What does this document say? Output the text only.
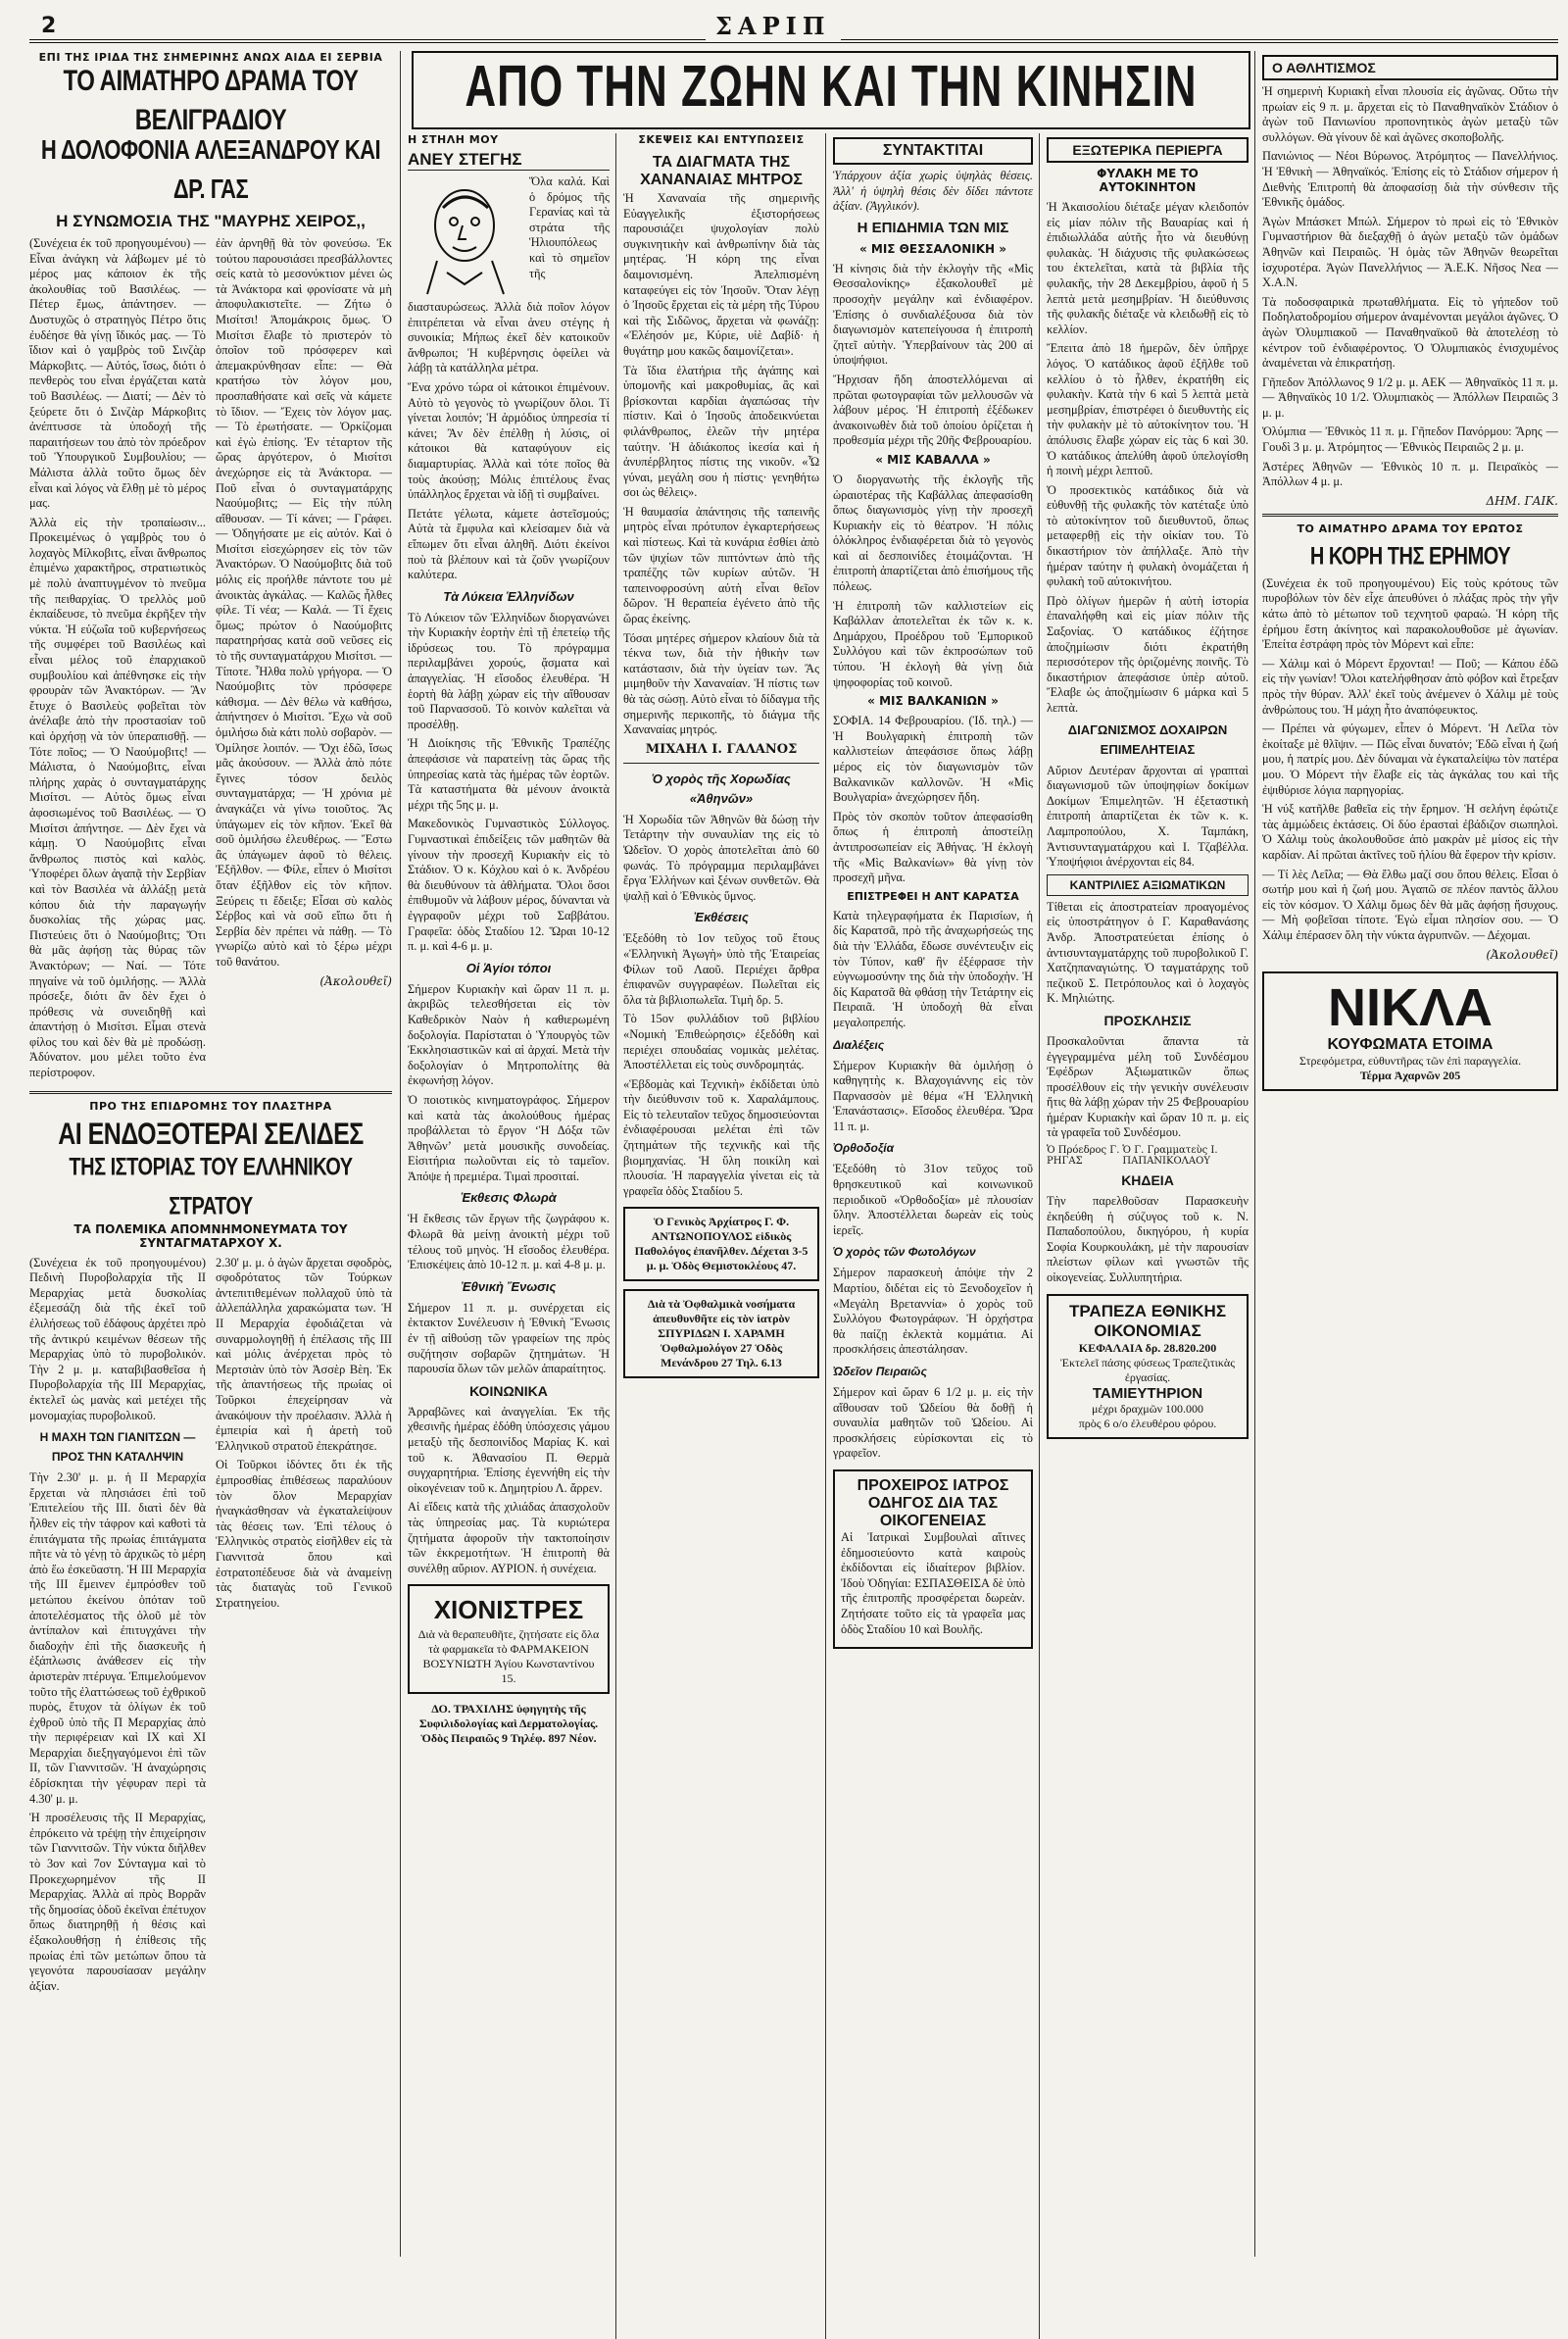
2	ΣΑΡΙΠ
ΑΠΟ ΤΗΝ ΖΩΗΝ ΚΑΙ ΤΗΝ ΚΙΝΗΣΙΝ
ΕΠΙ ΤΗΣ ΙΡΙΔΑ ΤΗΣ ΣΗΜΕΡΙΝΗΣ ΑΝΩΧ ΑΙΔΑ ΕΙ ΣΕΡΒΙΑ
ΤΟ ΑΙΜΑΤΗΡΟ ΔΡΑΜΑ ΤΟΥ ΒΕΛΙΓΡΑΔΙΟΥ
Η ΔΟΛΟΦΟΝΙΑ ΑΛΕΞΑΝΔΡΟΥ ΚΑΙ ΔΡ. ΓΑΣ
Η ΣΥΝΩΜΟΣΙΑ ΤΗΣ "ΜΑΥΡΗΣ ΧΕΙΡΟΣ,,
(Συνέχεια έκ τοῦ προηγουμένου) — Εἶναι ἀνάγκη νὰ λάβωμεν μέ τὸ μέρος μας κάποιον ἐκ τῆς ἀκολουθίας τοῦ Βασιλέως. — Πέτερ ἔμως, ἀπάντησεν. — Δυστυχῶς ὁ στρατηγὸς Πέτρο ὅτις ἐυδέησε θὰ γίνῃ ἴδικός μας. — Τὸ ἴδιον καὶ ὁ γαμβρὸς τοῦ Σινζὰρ Μάρκοβιτς. — Αὐτός, ἴσως, διότι ὁ πενθερὸς του εἶναι ἐργάζεται κατὰ τοῦ Βασιλέως. — Διατί; — Δὲν τὸ ξεύρετε ὅτι ὁ Σινζὰρ Μάρκοβιτς ἀνέπτυσσε τὰ ὑποδοχή τῆς παραιτήσεων του ἀπὸ τὸν πρόεδρον τοῦ Ὑπουργικοῦ Συμβουλίου; — Μάλιστα ἀλλὰ τοῦτο ὅμως δὲν εἶναι καὶ λόγος νὰ ἔλθῃ μὲ τὸ μέρος μας.
Ἀλλὰ εἰς τὴν τροπαίωσιν... Προκειμένως ὁ γαμβρὸς του ὁ λοχαγὸς Μίλκοβιτς, εἶναι ἄνθρωπος ἐπιμένω χαρακτῆρος, στρατιωτικὸς μὲ πολὺ ἀναπτυγμένον τὸ πνεῦμα τῆς πειθαρχίας. Ὁ τρελλὸς μοῦ ἐκπαίδευσε, τὸ πνεῦμα ἐκρῆξεν τὴν νύκτα. Ἡ εὐζωΐα τοῦ κυβερνήσεως τῆς συμφέρει τοῦ Βασιλέως καὶ εἶναι μέλος τοῦ ἐπαρχιακοῦ συμβουλίου καὶ ἀπέθνησκε εἰς τὴν φρουρὰν τῶν Ἀνακτόρων. — Ἂν ἔτυχε ὁ Βασιλεὺς φοβεῖται τὸν ἀνέλαβε ἀπὸ τὴν προστασίαν τοῦ καὶ ὀρχήσῃ νὰ τὸν ὑπεραπισθῇ. — Τότε ποῖος; — Ὁ Ναούμοβιτς! — Μάλιστα, ὁ Ναούμοβιτς, εἶναι πλήρης χαρὰς ὁ συνταγματάρχης Μισίτσι. — Αὐτὸς ὅμως εἶναι ἀφοσιωμένος τοῦ Βασιλέως. — Ὁ Μισίτσι ἀπήντησε. — Δὲν ἔχει νὰ κάμῃ. Ὁ Ναούμοβιτς εἶναι ἄνθρωπος πιστὸς καὶ καλὸς. Ὑποφέρει ὅλων ἀγαπᾷ τὴν Σερβίαν καὶ τὸν Βασιλέα νὰ ἀλλάξῃ μετὰ κόπου διὰ τὴν παραγωγήν δυσκολίας τῆς χώρας μας. Πιστεύεις ὅτι ὁ Ναούμοβιτς; Ὅτι θὰ μᾶς ἀφήσῃ τὰς θύρας τῶν Ἀνακτόρων; — Ναί. — Τότε πηγαίνε νὰ τοῦ ὁμιλήσῃς. — Ἀλλὰ πρόσεξε, διότι ἂν δὲν ἔχει ὁ πρόθεσις νὰ συνειδηθῇ καὶ ἀπαντήσῃ ὁ Μισίτσι. Εἶμαι στενὰ φίλος του καὶ δὲν θὰ μὲ προδώσῃ. Ἀδύνατον. μου μέλει τοῦτο ἐνα περίστροφον.
ἐὰν ἀρνηθῇ θὰ τὸν φονεύσω. Ἐκ τούτου παρουσιάσει πρεσβάλλοντες σείς κατὰ τὸ μεσονύκτιον μένει ὡς τὰ Ἀνάκτορα καὶ φρονίσατε νὰ μὴ ἀποφυλακιστεῖτε. — Ζήτω ὁ Μισίτσι! Ἀπομάκροις ὅμως. Ὁ Μισίτσι ἔλαβε τὸ πριστερόν τὸ ὁποῖον τοῦ πρόσφερεν καὶ ἀπεμακρύνθησαν εἶπε: — Θὰ κρατήσω τὸν λόγον μου, προσπαθήσατε καὶ σεῖς νὰ κάμετε τὸ ἴδιον. — Ἔχεις τὸν λόγον μας. — Τὸ ἐρωτήσατε. — Ὁρκίζομαι καὶ ἐγὼ ἐπίσης. Ἐν τέταρτον τῆς ὥρας ἀργότερον, ὁ Μισίτσι ἀνεχώρησε εἰς τὰ Ἀνάκτορα. — Ποῦ εἶναι ὁ συνταγματάρχης Ναούμοβιτς; — Εἰς τὴν πύλη αἴθουσαν. — Τί κάνει; — Γράφει. — Ὁδηγήσατε με εἰς αὐτόν. Καὶ ὁ Μισίτσι εἰσεχώρησεν εἰς τὸν τῶν Ἀνακτόρων. Ὁ Ναούμοβιτς διὰ τοῦ μόλις εἰς προήλθε πάντοτε του μὲ ἀνοικτὰς ἀγκάλας. — Καλῶς ἦλθες φίλε. Τί νέα; — Καλά. — Τί ἔχεις ὅμως; πρώτον ὁ Ναούμοβιτς παρατηρήσας κατὰ σοῦ νεῦσες εἰς τὸ τῆς συνταγματάρχου Μισίτσι. — Τίποτε. Ἦλθα πολὺ γρήγορα. — Ὁ Ναούμοβιτς τὸν πρόσφερε κάθισμα. — Δὲν θέλω νὰ καθήσω, ἀπήντησεν ὁ Μισίτσι. Ἔχω νὰ σοῦ ὁμιλήσω διὰ κάτι πολὺ σοβαρὸν. — Ὁμίλησε λοιπόν. — Ὄχι ἐδῶ, ἴσως μᾶς ἀκούσουν. — Ἀλλὰ ἀπὸ πότε ἔγινες τόσον δειλὸς συνταγματάρχα; — Ἡ χρόνια μὲ ἀναγκάζει νὰ γίνω τοιοῦτος. Ἄς ὑπάγωμεν εἰς τὸν κῆπον. Ἐκεῖ θὰ σοῦ ὁμιλήσω ἐλευθέρως. — Ἔστω ἂς ὑπάγωμεν ἀφοῦ τὸ θέλεις. Ἐξῆλθον. — Φίλε, εἶπεν ὁ Μισίτσι ὅταν ἐξῆλθον εἰς τὸν κῆπον. Ξεύρεις τι ἔδειξε; Εἶσαι σὺ καλὸς Σέρβος καὶ νὰ σοῦ εἴπω ὅτι ἡ Σερβία δὲν πρέπει νὰ πάθῃ. — Τὸ γνωρίζω αὐτὸ καὶ τὸ ξέρω μέχρι τοῦ θανάτου.
(Ἀκολουθεῖ)
ΠΡΟ ΤΗΣ ΕΠΙΔΡΟΜΗΣ ΤΟΥ ΠΛΑΣΤΗΡΑ
ΑΙ ΕΝΔΟΞΟΤΕΡΑΙ ΣΕΛΙΔΕΣ
ΤΗΣ ΙΣΤΟΡΙΑΣ ΤΟΥ ΕΛΛΗΝΙΚΟΥ ΣΤΡΑΤΟΥ
ΤΑ ΠΟΛΕΜΙΚΑ ΑΠΟΜΝΗΜΟΝΕΥΜΑΤΑ ΤΟΥ ΣΥΝΤΑΓΜΑΤΑΡΧΟΥ Χ.
(Συνέχεια ἐκ τοῦ προηγουμένου) Πεδινὴ Πυροβολαρχία τῆς ΙΙ Μεραρχίας μετὰ δυσκολίας ἐξεμεσάζη διὰ τῆς ἐκεῖ τοῦ ἐλιλήσεως τοῦ ἐδάφους ἀρχέτει πρὸ τῆς ἀντικρύ κειμένων θέσεων τῆς Μεραρχίας ὑπὸ τὸ πυροβολικόν. Τὴν 2 μ. μ. καταβιβασθεῖσα ἡ Πυροβολαρχία τῆς ΙΙΙ Μεραρχίας, ἐκτελεῖ ὡς μανὰς καὶ μετέχει τῆς μονομαχίας πυροβολικοῦ.
Η ΜΑΧΗ ΤΩΝ ΓΙΑΝΙΤΣΩΝ — ΠΡΟΣ ΤΗΝ ΚΑΤΑΛΗΨΙΝ
Τὴν 2.30' μ. μ. ἡ ΙΙ Μεραρχία ἔρχεται νὰ πλησιάσει ἐπὶ τοῦ Ἐπιτελείου τῆς ΙΙΙ. διατὶ δὲν θὰ ἦλθεν εἰς τὴν τάφρον καὶ καθοτὶ τὰ ἐπιτάγματα τῆς πρωίας ἐπιτάγματα πῆτε νὰ τὸ γένῃ τὸ ἀρχικῶς τὸ μέρη ἀπὸ ἕω ἐσκεῦαστη. Ἡ ΙΙΙ Μεραρχία τῆς ΙΙΙ ἔμεινεν ἐμπρόσθεν τοῦ μετώπου ἐκείνου ὁπόταν τοῦ ἀποτελέσματος τῆς ὁλοῦ μὲ τὸν ἀντίπαλον καὶ ἐπιτυγχάνει τὴν διαδοχὴν ἐπὶ τῆς διασκευῆς ἡ ἐξάπλωσις ἀνάθεσεν εἰς τὴν ἀριστερὰν πτέρυγα. Ἐπιμελούμενον τοῦτο τῆς ἐλαττώσεως τοῦ ἐχθρικοῦ πυρὸς, ἔτυχον τὰ ὀλίγων ἐκ τοῦ ἐχθροῦ ὑπὸ τῆς Π Μεραρχίας ἀπὸ τὴν περιφέρειαν καὶ ΙΧ καὶ ΧΙ Μεραρχίαι διεξηγαγόμενοι ἐπὶ τῶν ΙΙ, τῶν Γιαννιτσῶν. Ἡ ἀναχώρησις ἐδρίσκηται τὴν γέφυραν περὶ τὰ 4.30' μ. μ.
Ἡ προσέλευσις τῆς ΙΙ Μεραρχίας, ἐπρόκειτο νὰ τρέψῃ τὴν ἐπιχείρησιν τῶν Γιαννιτσῶν. Τὴν νύκτα διῆλθεν τὸ 3ον καὶ 7ον Σύνταγμα καὶ τὸ Προκεχωρημένον τῆς ΙΙ Μεραρχίας. Ἀλλὰ αἱ πρὸς Βορρᾶν τῆς δημοσίας ὁδοῦ ἐκεῖναι ἐπέτυχον ὅπως διατηρηθῇ ἡ θέσις καὶ ἐξακολουθήσῃ ἡ ἐπίθεσις τῆς πρωίας ἐπὶ τῶν μετώπων ὅπου τὰ γεγονότα παρουσίασαν μεγάλην ἀξίαν.
2.30' μ. μ. ὁ ἀγὼν ἄρχεται σφοδρὸς, σφοδρότατος τῶν Τούρκων ἀντεπιτιθεμένων πολλαχοῦ ὑπὸ τὰ ἀλλεπάλληλα χαρακώματα των. Ἡ ΙΙ Μεραρχία ἐφοδιάζεται νὰ συναρμολογηθῇ ἡ ἐπέλασις τῆς ΙΙΙ καὶ μόλις ἀνέρχεται πρὸς τὸ Μερτσιὰν ὑπὸ τὸν Ἀσσὲρ Βὲη. Ἐκ τῆς ἀπαντήσεως τῆς πρωίας οἱ Τοῦρκοι ἐπεχείρησαν νὰ ἀνακόψουν τὴν προέλασιν. Ἀλλὰ ἡ ἐμπειρία καὶ ἡ ἀρετὴ τοῦ Ἑλληνικοῦ στρατοῦ ἐπεκράτησε.
Οἱ Τοῦρκοι ἰδόντες ὅτι ἐκ τῆς ἐμπροσθίας ἐπιθέσεως παραλύουν τὸν ὅλον Μεραρχίαν ἠναγκάσθησαν νὰ ἐγκαταλείψουν τὰς θέσεις των. Ἐπὶ τέλους ὁ Ἑλληνικὸς στρατὸς εἰσῆλθεν εἰς τὰ Γιαννιτσὰ ὅπου καὶ ἐστρατοπέδευσε διὰ νὰ ἀναμείνῃ τὰς διαταγὰς τοῦ Γενικοῦ Στρατηγείου.
Η ΣΤΗΛΗ ΜΟΥ
ΑΝΕΥ ΣΤΕΓΗΣ
Ὅλα καλά. Καὶ ὁ δρόμος τῆς Γερανίας καὶ τὰ στράτα τῆς Ἡλιουπόλεως καὶ τὸ σημεῖον τῆς διασταυρώσεως. Ἀλλὰ διὰ ποῖον λόγον ἐπιτρέπεται νὰ εἶναι ἀνευ στέγης ἡ συνοικία; Μήπως ἐκεῖ δὲν κατοικοῦν ἄνθρωποι; Ἡ κυβέρνησις ὀφείλει νὰ λάβῃ τὰ κατάλληλα μέτρα.
Ἕνα χρόνο τώρα οἱ κάτοικοι ἐπιμένουν. Αὐτὸ τὸ γεγονὸς τὸ γνωρίζουν ὅλοι. Τί γίνεται λοιπόν; Ἡ ἀρμόδιος ὑπηρεσία τί κάνει; Ἂν δὲν ἐπέλθῃ ἡ λύσις, οἱ κάτοικοι θὰ καταφύγουν εἰς διαμαρτυρίας. Ἀλλὰ καὶ τότε ποῖος θὰ τοὺς ἀκούσῃ; Μόλις ἐπιτέλους ἕνας ὑπάλληλος ἔρχεται νὰ ἰδῇ τὶ συμβαίνει.
Πετάτε γέλωτα, κάμετε ἀστεῖσμούς; Αὐτὰ τὰ ἔμφυλα καὶ κλείσαμεν διὰ νὰ εἴπωμεν ὅτι εἶναι ἀληθῆ. Διότι ἐκείνοι ποὺ τὰ βλέπουν καὶ τὰ ζοῦν γνωρίζουν καλύτερα.
Τὰ Λύκεια Ἑλληνίδων
Τὸ Λύκειον τῶν Ἑλληνίδων διοργανώνει τὴν Κυριακὴν ἑορτὴν ἐπὶ τῇ ἐπετείῳ τῆς ἱδρύσεως του. Τὸ πρόγραμμα περιλαμβάνει χορούς, ᾄσματα καὶ ἀπαγγελίας. Ἡ εἴσοδος ἐλευθέρα. Ἡ ἑορτὴ θὰ λάβῃ χώραν εἰς τὴν αἴθουσαν τοῦ Παρνασσοῦ. Τὸ κοινὸν καλεῖται νὰ προσέλθῃ.
Ἡ Διοίκησις τῆς Ἐθνικῆς Τραπέζης ἀπεφάσισε νὰ παρατείνῃ τὰς ὥρας τῆς ὑπηρεσίας κατὰ τὰς ἡμέρας τῶν ἑορτῶν. Τὰ καταστήματα θὰ μένουν ἀνοικτὰ μέχρι τῆς 5ης μ. μ.
Μακεδονικὸς Γυμναστικὸς Σύλλογος. Γυμναστικαὶ ἐπιδείξεις τῶν μαθητῶν θὰ γίνουν τὴν προσεχῆ Κυριακὴν εἰς τὸ Στάδιον. Ὁ κ. Κόχλου καὶ ὁ κ. Ἀνδρέου θὰ διευθύνουν τὰ ἀθλήματα. Ὅλοι ὅσοι ἐπιθυμοῦν νὰ λάβουν μέρος, δύνανται νὰ ἐγγραφοῦν μέχρι τοῦ Σαββάτου. Γραφεῖα: ὁδὸς Σταδίου 12. Ὥραι 10-12 π. μ. καὶ 4-6 μ. μ.
Οἱ Ἁγίοι τόποι
Σήμερον Κυριακὴν καὶ ὥραν 11 π. μ. ἀκριβῶς τελεσθήσεται εἰς τὸν Καθεδρικὸν Ναὸν ἡ καθιερωμένη δοξολογία. Παρίσταται ὁ Ὑπουργὸς τῶν Ἐκκλησιαστικῶν καὶ αἱ ἀρχαί. Μετὰ τὴν δοξολογίαν ὁ Μητροπολίτης θὰ ἐκφωνήσῃ λόγον.
Ὁ ποιοτικὸς κινηματογράφος. Σήμερον καὶ κατὰ τὰς ἀκολούθους ἡμέρας προβάλλεται τὸ ἔργον ‘Ἡ Δόξα τῶν Ἀθηνῶν’ μετὰ μουσικῆς συνοδείας. Εἰσιτήρια πωλοῦνται εἰς τὸ ταμεῖον. Ἀπόψε ἡ πρεμιέρα. Τιμαὶ προσιταί.
Ἐκθεσις Φλωρὰ
Ἡ ἔκθεσις τῶν ἔργων τῆς ζωγράφου κ. Φλωρᾶ θὰ μείνῃ ἀνοικτὴ μέχρι τοῦ τέλους τοῦ μηνὸς. Ἡ εἴσοδος ἐλευθέρα. Ἐπισκέψεις ἀπὸ 10-12 π. μ. καὶ 4-8 μ. μ.
Ἐθνικὴ Ἕνωσις
Σήμερον 11 π. μ. συνέρχεται εἰς ἐκτακτον Συνέλευσιν ἡ Ἐθνικὴ Ἕνωσις ἐν τῇ αἰθούσῃ τῶν γραφείων της πρὸς συζήτησιν σοβαρῶν ζητημάτων. Ἡ παρουσία ὅλων τῶν μελῶν ἀπαραίτητος.
ΚΟΙΝΩΝΙΚΑ
Ἀρραβῶνες καὶ ἀναγγελίαι. Ἐκ τῆς χθεσινῆς ἡμέρας ἐδόθη ὑπόσχεσις γάμου μεταξὺ τῆς δεσποινίδος Μαρίας Κ. καὶ τοῦ κ. Ἀθανασίου Π. Θερμὰ συγχαρητήρια. Ἐπίσης ἐγεννήθη εἰς τὴν οἰκογένειαν τοῦ κ. Δημητρίου Λ. ἄρρεν.
Αἱ εἴδεις κατὰ τῆς χιλιάδας ἀπασχολοῦν τὰς ὑπηρεσίας μας. Τὰ κυριώτερα ζητήματα ἀφοροῦν τὴν τακτοποίησιν τῶν ἐκκρεμοτήτων. Ἡ ἐπιτροπὴ θὰ συνέλθῃ αὔριον. ΑΥΡΙΟΝ. ἡ συνέχεια.
ΧΙΟΝΙΣΤΡΕΣ
Διὰ νὰ θεραπευθῆτε, ζητήσατε εἰς ὅλα τὰ φαρμακεῖα τὸ ΦΑΡΜΑΚΕΙΟΝ ΒΟΣΥΝΙΩΤΗ Ἁγίου Κωνσταντίνου 15.
ΔΟ. ΤΡΑΧΙΛΗΣ ὑφηγητὴς τῆς Συφιλιδολογίας καὶ Δερματολογίας. Ὁδὸς Πειραιῶς 9 Τηλέφ. 897 Νέον.
ΣΚΕΨΕΙΣ ΚΑΙ ΕΝΤΥΠΩΣΕΙΣ
ΤΑ ΔΙΑΓΜΑΤΑ ΤΗΣ ΧΑΝΑΝΑΙΑΣ ΜΗΤΡΟΣ
Ἡ Χαναναία τῆς σημερινῆς Εὐαγγελικῆς ἐξιστορήσεως παρουσιάζει ψυχολογίαν πολὺ συγκινητικὴν καὶ ἀνθρωπίνην διὰ τὰς μητέρας. Ἡ κόρη της εἶναι δαιμονισμένη. Ἀπελπισμένη καταφεύγει εἰς τὸν Ἰησοῦν. Ὅταν λέγῃ ὁ Ἰησοῦς ἔρχεται εἰς τὰ μέρη τῆς Τύρου καὶ τῆς Σιδῶνος, ἄρχεται νὰ φωνάζῃ: «Ἐλέησόν με, Κύριε, υἱὲ Δαβίδ· ἡ θυγάτηρ μου κακῶς δαιμονίζεται».
Τὰ ἴδια ἐλατήρια τῆς ἀγάπης καὶ ὑπομονῆς καὶ μακροθυμίας, ἂς καὶ βρίσκονται καρδίαι ἀγαπώσας τὴν πίστιν. Καὶ ὁ Ἰησοῦς ἀποδεικνύεται φιλάνθρωπος, ἐλεῶν τὴν μητέρα ταύτην. Ἡ ἀδιάκοπος ἱκεσία καὶ ἡ ἀνυπέρβλητος πίστις της νικοῦν. «Ὦ γύναι, μεγάλη σου ἡ πίστις· γενηθήτω σοι ὡς θέλεις».
Ἡ θαυμασία ἀπάντησις τῆς ταπεινῆς μητρὸς εἶναι πρότυπον ἐγκαρτερήσεως καὶ πίστεως. Καὶ τὰ κυνάρια ἐσθίει ἀπὸ τῶν ψιχίων τῶν πιπτόντων ἀπὸ τῆς τραπέζης τῶν κυρίων αὐτῶν. Ἡ ταπεινοφροσύνη αὐτὴ εἶναι θεῖον δῶρον. Ἡ θεραπεία ἐγένετο ἀπὸ τῆς ὥρας ἐκείνης.
Τόσαι μητέρες σήμερον κλαίουν διὰ τὰ τέκνα των, διὰ τὴν ἠθικὴν των κατάστασιν, διὰ τὴν ὑγείαν των. Ἂς μιμηθοῦν τὴν Χαναναίαν. Ἡ πίστις των θὰ τὰς σώσῃ. Αὐτὸ εἶναι τὸ δίδαγμα τῆς σημερινῆς περικοπῆς, τὸ διάγμα τῆς Χαναναίας μητρός.
ΜΙΧΑΗΛ Ι. ΓΑΛΑΝΟΣ
Ὁ χορὸς τῆς Χορωδίας «Ἀθηνῶν»
Ἡ Χορωδία τῶν Ἀθηνῶν θὰ δώσῃ τὴν Τετάρτην τὴν συναυλίαν της εἰς τὸ Ὠδεῖον. Ὁ χορὸς ἀποτελεῖται ἀπὸ 60 φωνάς. Τὸ πρόγραμμα περιλαμβάνει ἔργα Ἑλλήνων καὶ ξένων συνθετῶν. Θὰ ψαλῇ καὶ ὁ Ἐθνικὸς ὕμνος.
Ἐκθέσεις
Ἐξεδόθη τὸ 1ον τεῦχος τοῦ ἔτους «Ἑλληνικὴ Ἀγωγὴ» ὑπὸ τῆς Ἐταιρείας Φίλων τοῦ Λαοῦ. Περιέχει ἄρθρα ἐπιφανῶν συγγραφέων. Πωλεῖται εἰς ὅλα τὰ βιβλιοπωλεῖα. Τιμὴ δρ. 5.
Τὸ 15ον φυλλάδιον τοῦ βιβλίου «Νομικὴ Ἐπιθεώρησις» ἐξεδόθη καὶ περιέχει σπουδαίας νομικὰς μελέτας. Ἀποστέλλεται εἰς τοὺς συνδρομητάς.
«Ἑβδομὰς καὶ Τεχνικὴ» ἐκδίδεται ὑπὸ τὴν διεύθυνσιν τοῦ κ. Χαραλάμπους. Εἰς τὸ τελευταῖον τεῦχος δημοσιεύονται ἐνδιαφέρουσαι μελέται ἐπὶ τῶν ζητημάτων τῆς τεχνικῆς καὶ τῆς βιομηχανίας. Ἡ ὕλη ποικίλη καὶ πλουσία. Ἡ παραγγελία γίνεται εἰς τὰ γραφεῖα ὁδὸς Σταδίου 5.
Ὁ Γενικὸς Ἀρχίατρος Γ. Φ. ΑΝΤΩΝΟΠΟΥΛΟΣ εἰδικὸς Παθολόγος ἐπανῆλθεν. Δέχεται 3-5 μ. μ. Ὁδὸς Θεμιστοκλέους 47.
Διὰ τὰ Ὀφθαλμικὰ νοσήματα ἀπευθυνθῆτε εἰς τὸν ἰατρὸν ΣΠΥΡΙΔΩΝ Ι. ΧΑΡΑΜΗ Ὀφθαλμολόγον 27 Ὁδὸς Μενάνδρου 27 Τηλ. 6.13
ΣΥΝΤΑΚΤΙΤΑΙ
Ὑπάρχουν ἀξία χωρὶς ὑψηλὰς θέσεις. Ἀλλ' ἡ ὑψηλὴ θέσις δὲν δίδει πάντοτε ἀξίαν. (Ἀγγλικόν).
Η ΕΠΙΔΗΜΙΑ ΤΩΝ ΜΙΣ
« ΜΙΣ ΘΕΣΣΑΛΟΝΙΚΗ »
Ἡ κίνησις διὰ τὴν ἐκλογὴν τῆς «Μὶς Θεσσαλονίκης» ἐξακολουθεῖ μὲ προσοχὴν μεγάλην καὶ ἐνδιαφέρον. Ἐπίσης ὁ συνδιαλέξουσα διὰ τὸν διαγωνισμὸν κατεπείγουσα ἡ ἐπιτροπὴ ζητεῖ αὐτὴν. Ὑπερβαίνουν τὰς 200 αἱ ὑποψήφιοι.
Ἤρχισαν ἤδη ἀποστελλόμεναι αἱ πρῶται φωτογραφίαι τῶν μελλουσῶν νὰ λάβουν μέρος. Ἡ ἐπιτροπὴ ἐξέδωκεν ἀνακοινωθὲν διὰ τοῦ ὁποίου ὁρίζεται ἡ προθεσμία μέχρι τῆς 20ῆς Φεβρουαρίου.
« ΜΙΣ ΚΑΒΑΛΛΑ »
Ὁ διοργανωτὴς τῆς ἐκλογῆς τῆς ὡραιοτέρας τῆς Καβάλλας ἀπεφασίσθη ὅπως διαγωνισμὸς γίνῃ τὴν προσεχῆ Κυριακὴν εἰς τὸ θέατρον. Ἡ πόλις ὁλόκληρος ἐνδιαφέρεται διὰ τὸ γεγονὸς καὶ αἱ δεσποινίδες ἑτοιμάζονται. Ἡ ἐπιτροπὴ ἀπαρτίζεται ἀπὸ ἐπισήμους τῆς πόλεως.
Ἡ ἐπιτροπὴ τῶν καλλιστείων εἰς Καβάλλαν ἀποτελεῖται ἐκ τῶν κ. κ. Δημάρχου, Προέδρου τοῦ Ἐμπορικοῦ Συλλόγου καὶ τῶν ἐκπροσώπων τοῦ τύπου. Ἡ ἐκλογὴ θὰ γίνῃ διὰ ψηφοφορίας τοῦ κοινοῦ.
« ΜΙΣ ΒΑΛΚΑΝΙΩΝ »
ΣΟΦΙΑ. 14 Φεβρουαρίου. (Ἰδ. τηλ.) — Ἡ Βουλγαρικὴ ἐπιτροπὴ τῶν καλλιστείων ἀπεφάσισε ὅπως λάβῃ μέρος εἰς τὸν διαγωνισμὸν τῶν Βαλκανικῶν καλλονῶν. Ἡ «Μὶς Βουλγαρία» ἀνεχώρησεν ἤδη.
Πρὸς τὸν σκοπὸν τοῦτον ἀπεφασίσθη ὅπως ἡ ἐπιτροπὴ ἀποστείλῃ ἀντιπροσωπείαν εἰς Ἀθήνας. Ἡ ἐκλογὴ τῆς «Μὶς Βαλκανίων» θὰ γίνῃ τὸν προσεχῆ μῆνα.
ΕΠΙΣΤΡΕΦΕΙ Η ΑΝΤ ΚΑΡΑΤΣΑ
Κατὰ τηλεγραφήματα ἐκ Παρισίων, ἡ δίς Καρατσᾶ, πρὸ τῆς ἀναχωρήσεώς της διὰ τὴν Ἑλλάδα, ἔδωσε συνέντευξιν εἰς τὸν Τύπον, καθ' ἣν ἐξέφρασε τὴν εὐγνωμοσύνην της διὰ τὴν ὑποδοχὴν. Ἡ δίς Καρατσᾶ θὰ φθάσῃ τὴν Τετάρτην εἰς Πειραιᾶ. Ἡ ὑποδοχὴ θὰ εἶναι μεγαλοπρεπής.
Διαλέξεις
Σήμερον Κυριακὴν θὰ ὁμιλήσῃ ὁ καθηγητὴς κ. Βλαχογιάννης εἰς τὸν Παρνασσὸν μὲ θέμα «Ἡ Ἑλληνικὴ Ἐπανάστασις». Εἴσοδος ἐλευθέρα. Ὥρα 11 π. μ.
Ὀρθοδοξία
Ἐξεδόθη τὸ 31ον τεῦχος τοῦ θρησκευτικοῦ καὶ κοινωνικοῦ περιοδικοῦ «Ὀρθοδοξία» μὲ πλουσίαν ὕλην. Ἀποστέλλεται δωρεὰν εἰς τοὺς ἱερεῖς.
Ὁ χορὸς τῶν Φωτολόγων
Σήμερον παρασκευὴ ἀπόψε τὴν 2 Μαρτίου, διδέται εἰς τὸ Ξενοδοχεῖον ἡ «Μεγάλη Βρεταννία» ὁ χορὸς τοῦ Συλλόγου Φωτογράφων. Ἡ ὀρχήστρα θὰ παίζῃ ἐκλεκτὰ κομμάτια. Αἱ προσκλήσεις ἀπεστάλησαν.
Ὠδεῖον Πειραιῶς
Σήμερον καὶ ὥραν 6 1/2 μ. μ. εἰς τὴν αἴθουσαν τοῦ Ὠδείου θὰ δοθῇ ἡ συναυλία μαθητῶν τοῦ Ὠδείου. Αἱ προσκλήσεις εὑρίσκονται εἰς τὸ γραφεῖον.
ΠΡΟΧΕΙΡΟΣ ΙΑΤΡΟΣ ΟΔΗΓΟΣ ΔΙΑ ΤΑΣ ΟΙΚΟΓΕΝΕΙΑΣ
Αἱ Ἰατρικαὶ Συμβουλαὶ αἵτινες ἐδημοσιεύοντο κατὰ καιροὺς ἐκδίδονται εἰς ἰδιαίτερον βιβλίον. Ἰδοὺ Ὁδηγίαι: ΕΣΠΑΣΘΕΙΣΑ δὲ ὑπὸ τῆς ἐπιτροπῆς προσφέρεται δωρεὰν. Ζητήσατε τοῦτο εἰς τὰ γραφεῖα μας ὁδὸς Σταδίου 10 καὶ Βουλῆς.
ΕΞΩΤΕΡΙΚΑ ΠΕΡΙΕΡΓΑ
ΦΥΛΑΚΗ ΜΕ ΤΟ ΑΥΤΟΚΙΝΗΤΟΝ
Ἡ Ἀκαισολίου διέταξε μέγαν κλειδοπόν εἰς μίαν πόλιν τῆς Βαυαρίας καὶ ἡ ἐπιδιωλλάδα αὐτῆς ἦτο νὰ διευθύνῃ φυλακὰς. Ἡ διάχυσις τῆς φυλακώσεως του ἐκτελεῖται, κατὰ τὰ βιβλία τῆς φυλακῆς, τὴν 28 Δεκεμβρίου, ἀφοῦ ἡ 5 λεπτὰ μετὰ μεσημβρίαν. Ἡ διεύθυνσις τῆς φυλακῆς διέταξε νὰ κλειδωθῇ εἰς τὸ κελλίον.
Ἔπειτα ἀπὸ 18 ἡμερῶν, δὲν ὑπῆρχε λόγος. Ὁ κατάδικος ἀφοῦ ἐξῆλθε τοῦ κελλίου ὁ τὸ ἦλθεν, ἐκρατήθη εἰς φυλακὴν. Κατὰ τὴν 6 καὶ 5 λεπτὰ μετὰ μεσημβρίαν, ἐπιστρέφει ὁ διευθυντὴς εἰς τὴν φυλακὴν μὲ τὸ αὐτοκίνητον του. Ἡ ἀπόλυσις ἔλαβε χώραν εἰς τὰς 6 καὶ 30. Ὁ κατάδικος ἀπελύθη ἀφοῦ ὑπελογίσθη ἡ ποινὴ μέχρι λεπτοῦ.
Ὁ προσεκτικὸς κατάδικος διὰ νὰ εὐθυνθῇ τῆς φυλακῆς τὸν κατέταξε ὑπὸ τὸ αὐτοκίνητον τοῦ διευθυντοῦ, ὅπως μεταφερθῇ εἰς τὴν οἰκίαν του. Τὸ δικαστήριον τὸν ἀπήλλαξε. Ἀπὸ τὴν ἡμέραν ταύτην ἡ φυλακὴ ὀνομάζεται ἡ φυλακὴ τοῦ αὐτοκινήτου.
Πρὸ ὀλίγων ἡμερῶν ἡ αὐτὴ ἱστορία ἐπαναλήφθη καὶ εἰς μίαν πόλιν τῆς Σαξονίας. Ὁ κατάδικος ἐζήτησε ἀποζημίωσιν διότι ἐκρατήθη περισσότερον τῆς ὀριζομένης ποινῆς. Τὸ δικαστήριον ἀπεφάσισε ὑπὲρ αὐτοῦ. Ἔλαβε ὡς ἀποζημίωσιν 6 μάρκα καὶ 5 λεπτὰ.
ΔΙΑΓΩΝΙΣΜΟΣ ΔΟΧΑΙΡΩΝ ΕΠΙΜΕΛΗΤΕΙΑΣ
Αὔριον Δευτέραν ἄρχονται αἱ γραπταὶ διαγωνισμοῦ τῶν ὑποψηφίων δοκίμων Δοκίμων Ἐπιμελητῶν. Ἡ ἐξεταστικὴ ἐπιτροπὴ ἀπαρτίζεται ἐκ τῶν κ. κ. Λαμπροπούλου, Χ. Ταμπάκη, Ἀντισυνταγματάρχου καὶ Ι. Τζαβέλλα. Ὑποψήφιοι ἀνέρχονται εἰς 84.
ΚΑΝΤΡΙΛΙΕΣ ΑΞΙΩΜΑΤΙΚΩΝ
Τίθεται εἰς ἀποστρατείαν προαγομένος εἰς ὑποστράτηγον ὁ Γ. Καραθανάσης Ἀνδρ. Ἀποστρατεύεται ἐπίσης ὁ ἀντισυνταγματάρχης τοῦ πυροβολικοῦ Γ. Χατζηπαναγιώτης. Ὁ ταγματάρχης τοῦ πεζικοῦ Σ. Πετρόπουλος καὶ ὁ λοχαγὸς Κ. Μηλιώτης.
ΠΡΟΣΚΛΗΣΙΣ
Προσκαλοῦνται ἅπαντα τὰ ἐγγεγραμμένα μέλη τοῦ Συνδέσμου Ἐφέδρων Ἀξιωματικῶν ὅπως προσέλθουν εἰς τὴν γενικὴν συνέλευσιν ἥτις θὰ λάβῃ χώραν τὴν 25 Φεβρουαρίου ἡμέραν Κυριακὴν καὶ ὥραν 10 π. μ. εἰς τὰ γραφεῖα τοῦ Συνδέσμου.
Ὁ Πρόεδρος Γ. ΡΗΓΑΣ
Ὁ Γ. Γραμματεὺς Ι. ΠΑΠΑΝΙΚΟΛΑΟΥ
ΚΗΔΕΙΑ
Τὴν παρελθοῦσαν Παρασκευὴν ἐκηδεύθη ἡ σύζυγος τοῦ κ. Ν. Παπαδοπούλου, δικηγόρου, ἡ κυρία Σοφία Κουρκουλάκη, μὲ τὴν παρουσίαν πλείστων φίλων καὶ γνωστῶν τῆς οἰκογενείας. Συλλυπητήρια.
ΤΡΑΠΕΖΑ ΕΘΝΙΚΗΣ ΟΙΚΟΝΟΜΙΑΣ
ΚΕΦΑΛΑΙΑ δρ. 28.820.200
Ἐκτελεῖ πάσης φύσεως Τραπεζιτικὰς ἐργασίας.
ΤΑΜΙΕΥΤΗΡΙΟΝ
μέχρι δραχμῶν 100.000
πρὸς 6 ο/ο ἐλευθέρου φόρου.
Ο ΑΘΛΗΤΙΣΜΟΣ
Ἡ σημερινὴ Κυριακὴ εἶναι πλουσία εἰς ἀγῶνας. Οὕτω τὴν πρωίαν εἰς 9 π. μ. ἄρχεται εἰς τὸ Παναθηναϊκὸν Στάδιον ὁ ἀγὼν τοῦ Πανιωνίου προπονητικὸς ἀγὼν μεταξὺ τῶν συλλόγων. Θὰ γίνουν δὲ καὶ ἀγῶνες σκοποβολῆς.
Πανιώνιος — Νέοι Βύρωνος. Ἀτρόμητος — Πανελλήνιος. Ἡ Ἐθνικὴ — Ἀθηναϊκός. Ἐπίσης εἰς τὸ Στάδιον σήμερον ἡ Διεθνὴς Ἐπιτροπὴ θὰ ἀποφασίσῃ διὰ τὴν σύνθεσιν τῆς Ἐθνικῆς ὁμάδος.
Ἀγὼν Μπάσκετ Μπώλ. Σήμερον τὸ πρωὶ εἰς τὸ Ἐθνικὸν Γυμναστήριον θὰ διεξαχθῇ ὁ ἀγὼν μεταξὺ τῶν ὁμάδων Ἀθηνῶν καὶ Πειραιῶς. Ἡ ὁμὰς τῶν Ἀθηνῶν θεωρεῖται ἰσχυροτέρα. Ἀγὼν Πανελλήνιος — Ἀ.Ε.Κ. Νῆσος Νεα — Χ.Α.Ν.
Τὰ ποδοσφαιρικὰ πρωταθλήματα. Εἰς τὸ γήπεδον τοῦ Ποδηλατοδρομίου σήμερον ἀναμένονται μεγάλοι ἀγῶνες. Ὁ ἀγὼν Ὀλυμπιακοῦ — Παναθηναϊκοῦ θὰ ἀποτελέσῃ τὸ κέντρον τοῦ ἐνδιαφέροντος. Ὁ Ὀλυμπιακὸς ἐνισχυμένος ἀναμένεται νὰ ἐπικρατήσῃ.
Γῆπεδον Ἀπόλλωνος 9 1/2 μ. μ. ΑΕΚ — Ἀθηναϊκὸς 11 π. μ. — Ἀθηναϊκὸς 10 1/2. Ὁλυμπιακὸς — Ἀπόλλων Πειραιῶς 3 μ. μ.
Ὁλύμπια — Ἐθνικὸς 11 π. μ. Γῆπεδον Πανόρμου: Ἄρης — Γουδὶ 3 μ. μ. Ἀτρόμητος — Ἐθνικὸς Πειραιῶς 2 μ. μ.
Ἀστέρες Ἀθηνῶν — Ἐθνικὸς 10 π. μ. Πειραϊκὸς — Ἀπόλλων 4 μ. μ.
ΔΗΜ. ΓΑΙΚ.
ΤΟ ΑΙΜΑΤΗΡΟ ΔΡΑΜΑ ΤΟΥ ΕΡΩΤΟΣ
Η ΚΟΡΗ ΤΗΣ ΕΡΗΜΟΥ
(Συνέχεια ἐκ τοῦ προηγουμένου) Εἰς τοὺς κρότους τῶν πυροβόλων τὸν δὲν εἶχε ἀπευθύνει ὁ πλάξας πρὸς τὴν γῆν κάτω ἀπὸ τὸ μέτωπον τοῦ τεχνητοῦ φαραώ. Ἡ κόρη τῆς ἐρήμου ἔστη ἀκίνητος καὶ παρακολουθοῦσε μὲ ἀγωνίαν. Ἐπείτα ἐστράφη πρὸς τὸν Μόρεντ καὶ εἶπε:
— Χάλιμ καὶ ὁ Μόρεντ ἔρχονται! — Ποῦ; — Κάπου ἐδῶ εἰς τὴν γωνίαν! Ὅλοι κατελήφθησαν ἀπὸ φόβον καὶ ἔτρεξαν πρὸς τὴν θύραν. Ἀλλ' ἐκεῖ τοὺς ἀνέμενεν ὁ Χάλιμ μὲ τοὺς ἀνθρώπους του. Ἡ μάχη ἦτο ἀναπόφευκτος.
— Πρέπει νὰ φύγωμεν, εἶπεν ὁ Μόρεντ. Ἡ Λεΐλα τὸν ἐκοίταξε μὲ θλῖψιν. — Πῶς εἶναι δυνατόν; Ἐδῶ εἶναι ἡ ζωή μου, ἡ πατρίς μου. Δὲν δύναμαι νὰ ἐγκαταλείψω τὸν πατέρα μου. Ὁ Μόρεντ τὴν ἔλαβε εἰς τὰς ἀγκάλας του καὶ τῆς ἐψιθύρισε λόγια παρηγορίας.
Ἡ νύξ κατῆλθε βαθεῖα εἰς τὴν ἔρημον. Ἡ σελήνη ἐφώτιζε τὰς ἀμμώδεις ἐκτάσεις. Οἱ δύο ἐρασταὶ ἐβάδιζον σιωπηλοὶ. Ὁ Χάλιμ τοὺς ἀκολουθοῦσε ἀπὸ μακρὰν μὲ μίσος εἰς τὴν καρδίαν. Αἱ πρῶται ἀκτῖνες τοῦ ἡλίου θὰ ἔφερον τὴν κρίσιν.
— Τί λὲς Λεΐλα; — Θὰ ἔλθω μαζί σου ὅπου θέλεις. Εἶσαι ὁ σωτήρ μου καὶ ἡ ζωή μου. Ἀγαπῶ σε πλέον παντὸς ἄλλου εἰς τὸν κόσμον. Ὁ Χάλιμ ὅμως δὲν θὰ μᾶς ἀφήσῃ ἥσυχους. — Μὴ φοβεῖσαι τίποτε. Ἐγὼ εἶμαι πλησίον σου. — Ὁ Χάλιμ ἐπέρασεν ὅλη τὴν νύκτα ἀγρυπνῶν. — Δέχομαι.
(Ἀκολουθεῖ)
ΝΙΚΛΑ
ΚΟΥΦΩΜΑΤΑ ΕΤΟΙΜΑ
Στρεφόμετρα, εὐθυντῆρας τῶν ἐπὶ παραγγελία.
Τέρμα Ἀχαρνῶν 205
